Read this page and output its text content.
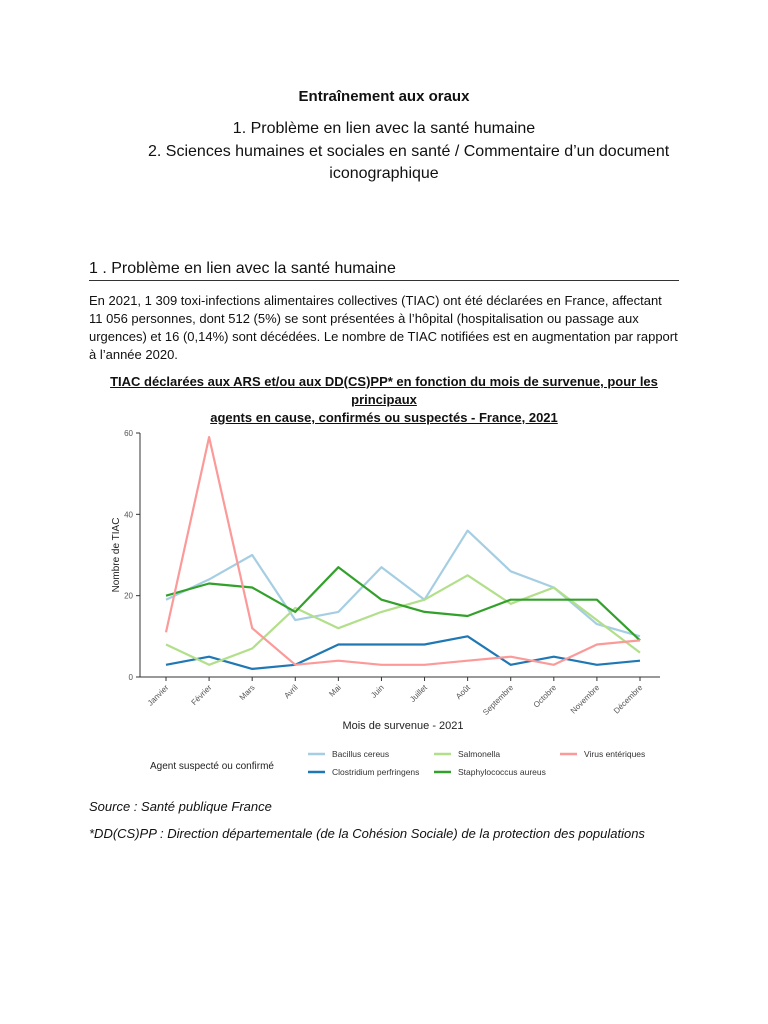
Entraînement aux oraux
1. Problème en lien avec la santé humaine
2. Sciences humaines et sociales en santé / Commentaire d’un document
iconographique
1 . Problème en lien avec la santé humaine
En 2021, 1 309 toxi-infections alimentaires collectives (TIAC) ont été déclarées en France, affectant
11 056 personnes, dont 512 (5%) se sont présentées à l’hôpital (hospitalisation ou passage aux
urgences) et 16 (0,14%) sont décédées. Le nombre de TIAC notifiées est en augmentation par rapport
à l’année 2020.
TIAC déclarées aux ARS et/ou aux DD(CS)PP* en fonction du mois de survenue, pour les principaux
agents en cause, confirmés ou suspectés - France, 2021
0
20
40
60
Janvier Février	Mars	Avril	Mai	Juin	Juillet	Août Septembre Octobre Novembre Décembre
Mois de survenue - 2021
Nombre de TIAC
Agent suspecté ou confirmé
Bacillus cereus
Clostridium perfringens
Salmonella
Staphylococcus aureus
Virus entériques
Source : Santé publique France
*DD(CS)PP : Direction départementale (de la Cohésion Sociale) de la protection des populations
